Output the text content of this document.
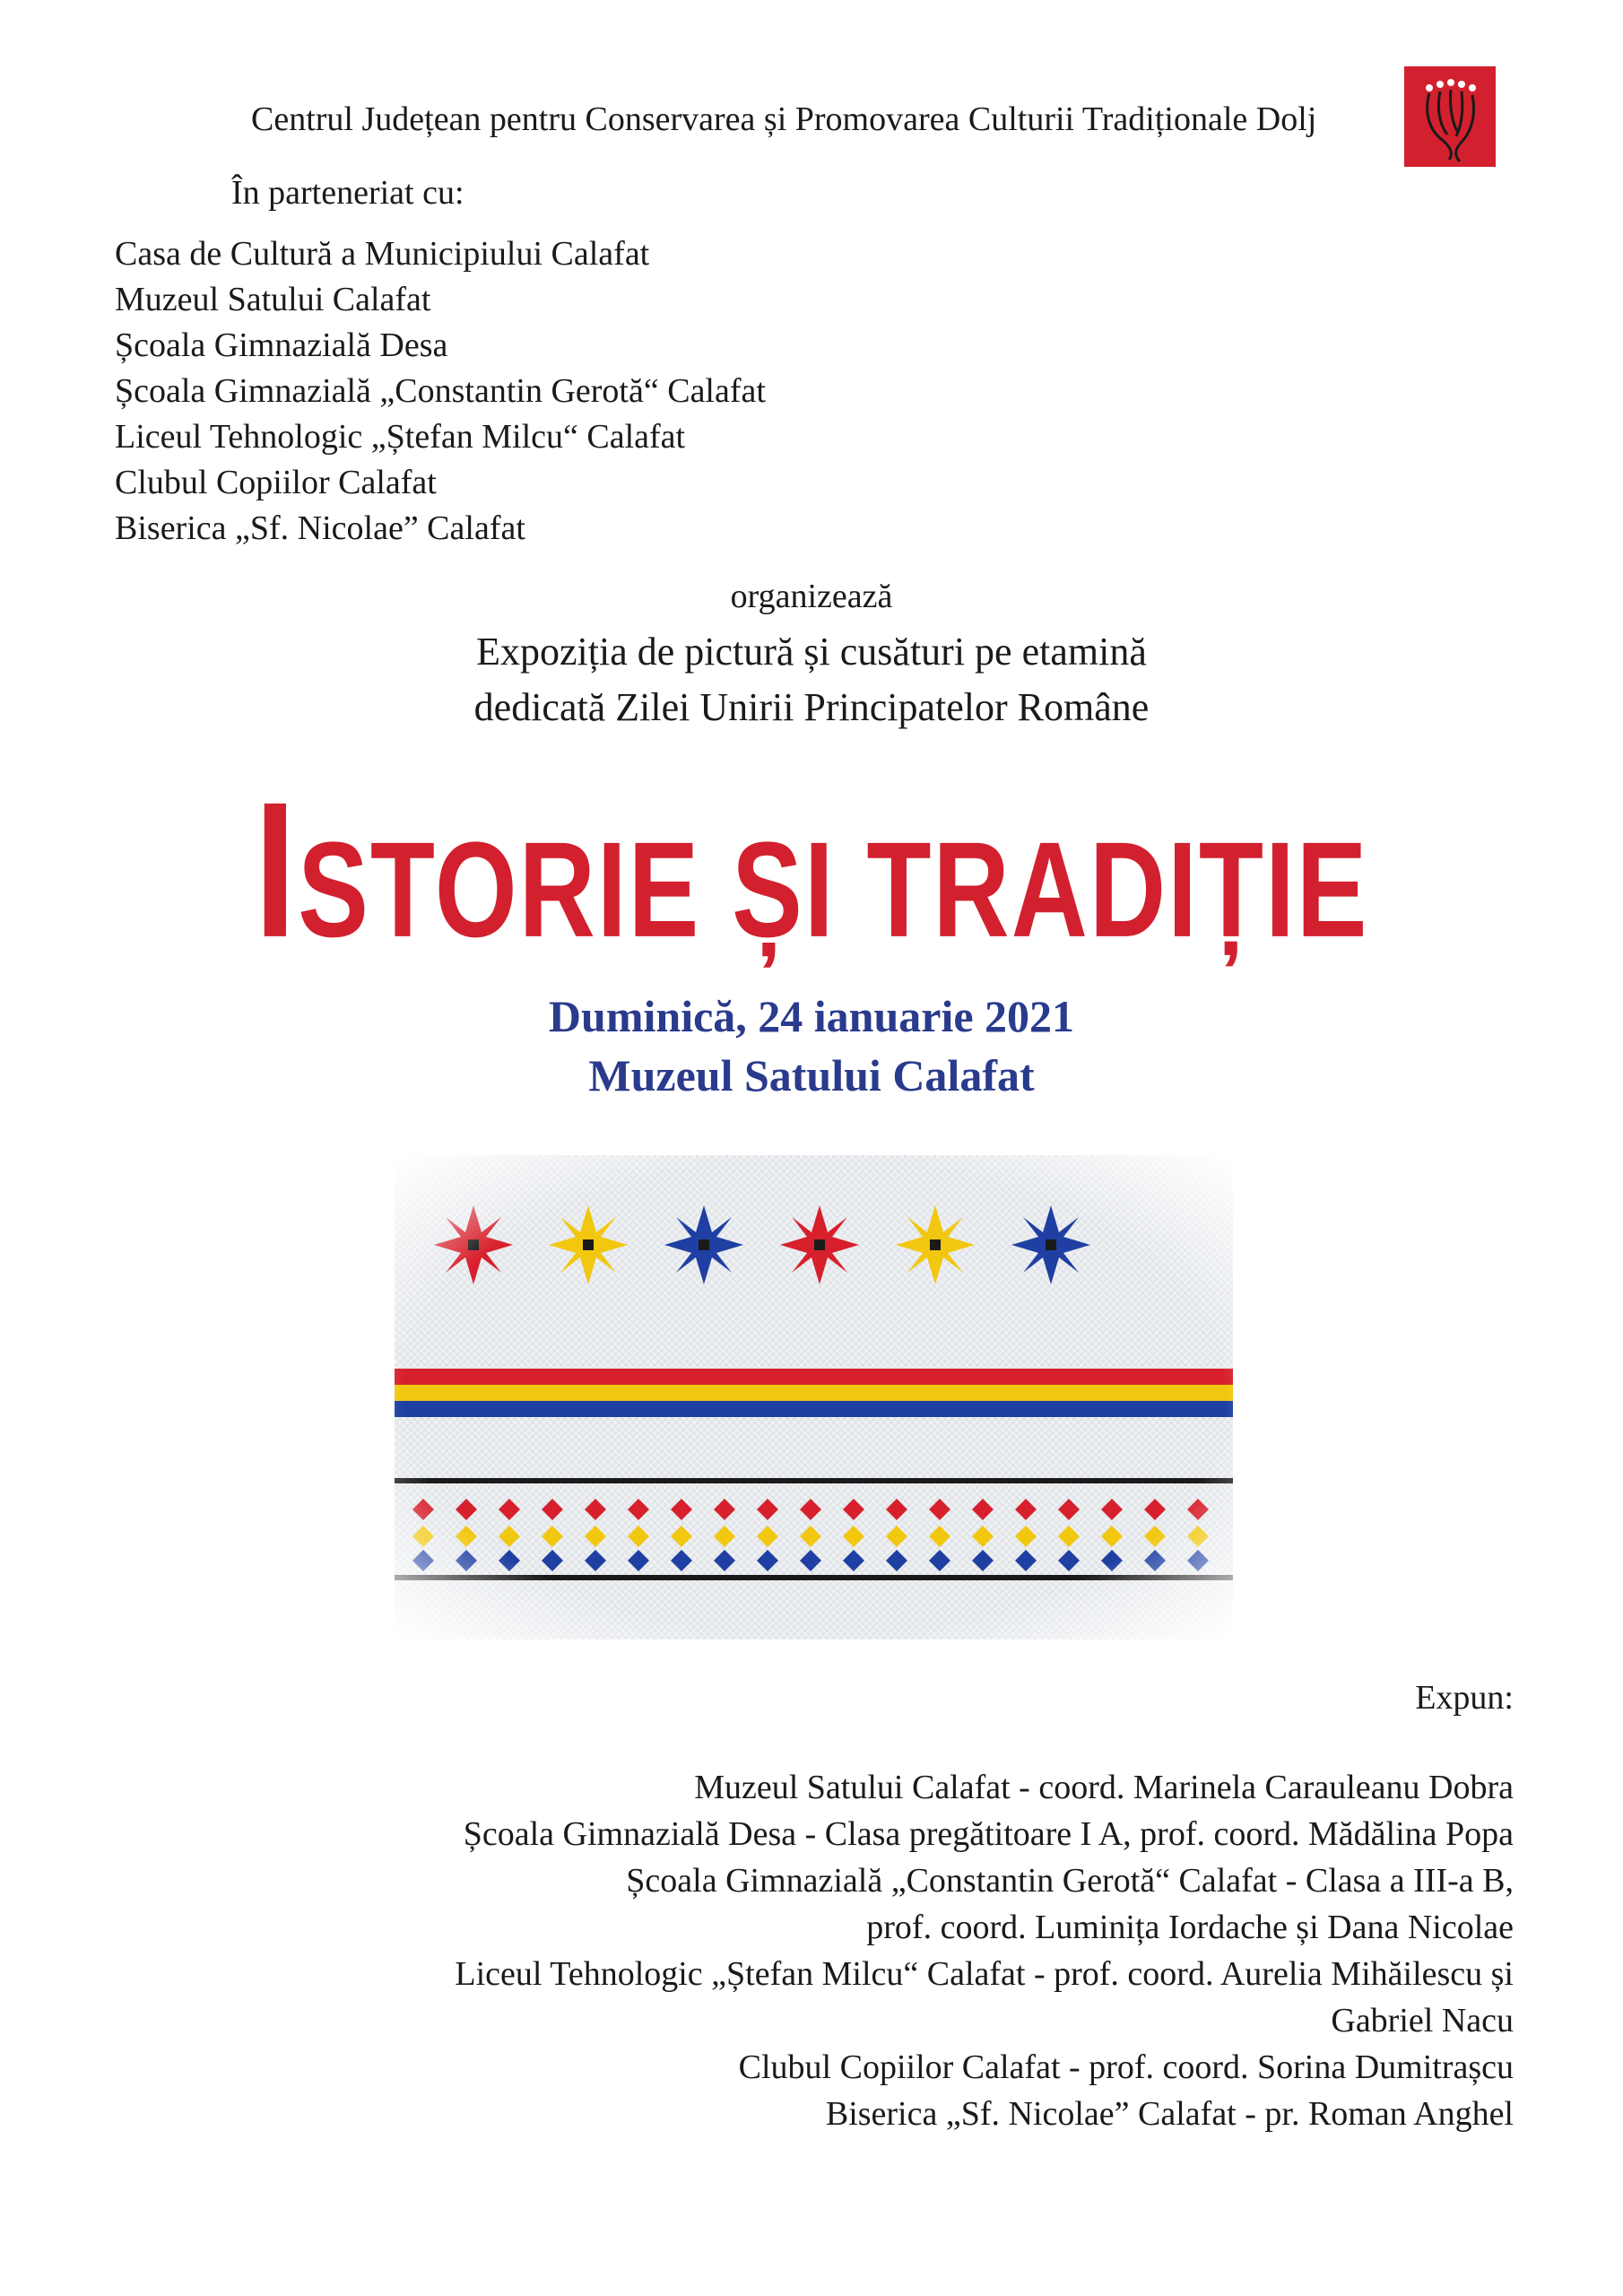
Centrul Județean pentru Conservarea și Promovarea Culturii Tradiționale Dolj
În parteneriat cu:
Casa de Cultură a Municipiului Calafat
Muzeul Satului Calafat
Școala Gimnazială Desa
Școala Gimnazială „Constantin Gerotă“ Calafat
Liceul Tehnologic „Ștefan Milcu“ Calafat
Clubul Copiilor Calafat
Biserica „Sf. Nicolae” Calafat
organizează
Expoziția de pictură și cusături pe etamină
dedicată Zilei Unirii Principatelor Române
ISTORIE ȘI TRADIȚIE
Duminică, 24 ianuarie 2021
Muzeul Satului Calafat
Expun:
Muzeul Satului Calafat - coord. Marinela Carauleanu Dobra
Școala Gimnazială Desa - Clasa pregătitoare I A, prof. coord. Mădălina Popa
Școala Gimnazială „Constantin Gerotă“ Calafat - Clasa a III-a B,
prof. coord. Luminița Iordache și Dana Nicolae
Liceul Tehnologic „Ștefan Milcu“ Calafat - prof. coord. Aurelia Mihăilescu și
Gabriel Nacu
Clubul Copiilor Calafat - prof. coord. Sorina Dumitrașcu
Biserica „Sf. Nicolae” Calafat - pr. Roman Anghel
